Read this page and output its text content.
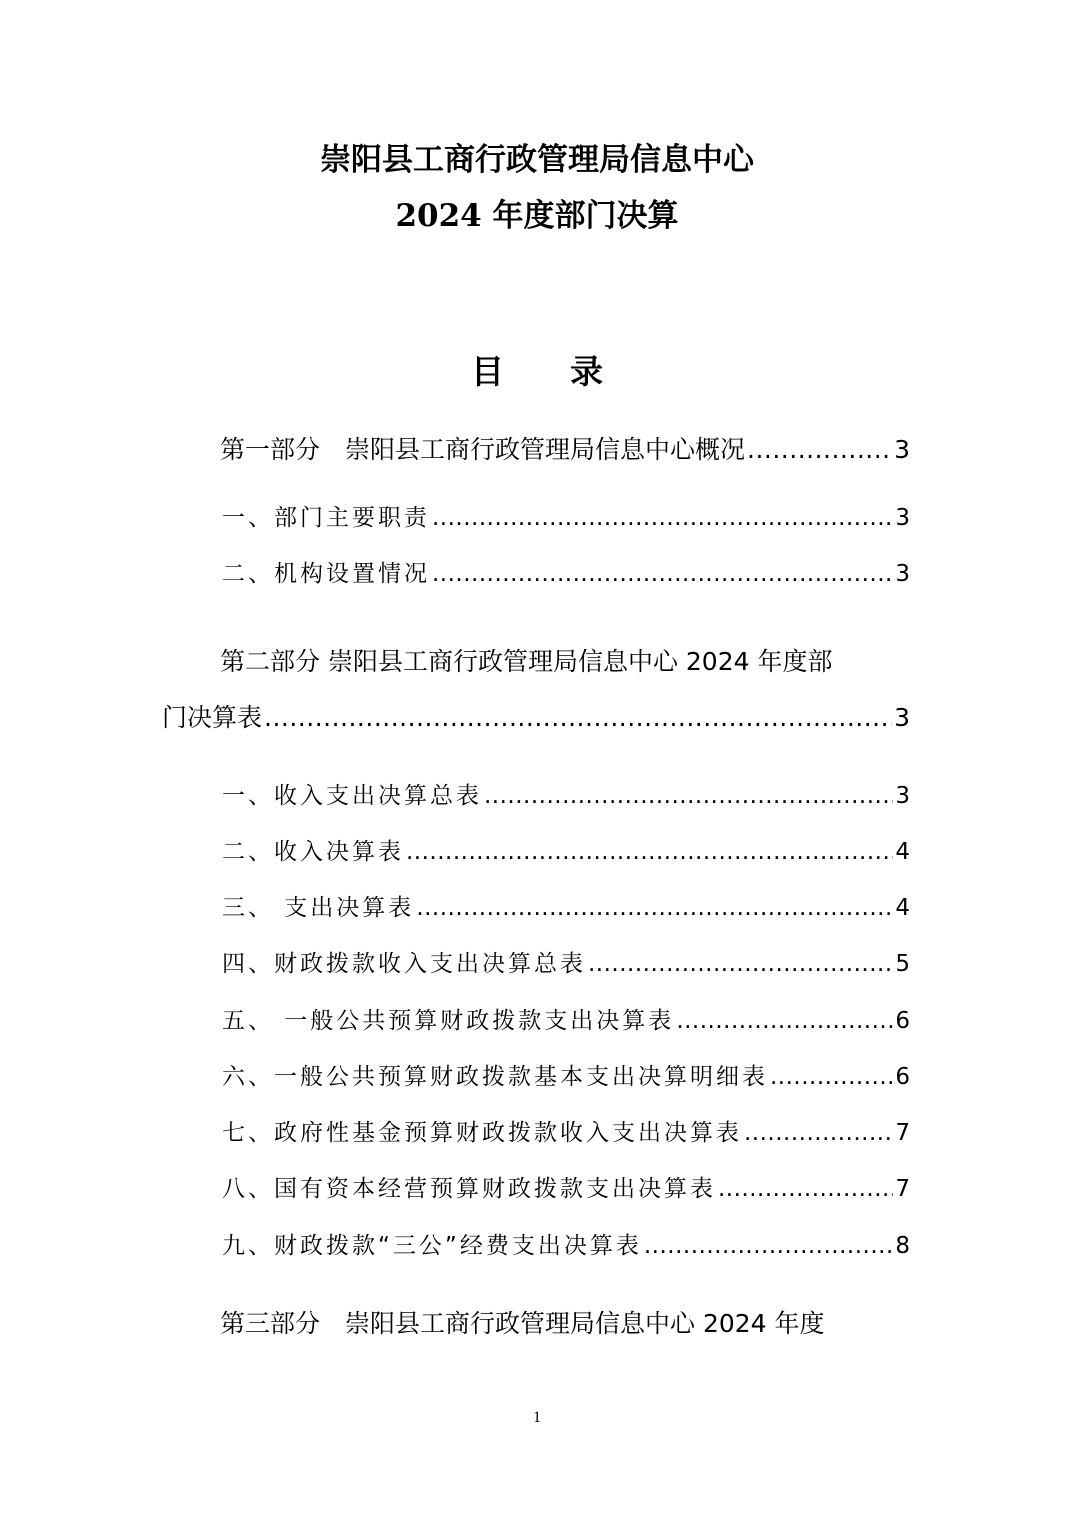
崇阳县工商行政管理局信息中心
2024 年度部门决算
目 录
第一部分　崇阳县工商行政管理局信息中心概况 .....	3
一、部门主要职责 .....	3
二、机构设置情况 .....	3
第二部分 崇阳县工商行政管理局信息中心 2024 年度部
门决算表 .....	3
一、收入支出决算总表 .....	3
二、收入决算表 .....	4
三、 支出决算表 .....	4
四、财政拨款收入支出决算总表 .....	5
五、 一般公共预算财政拨款支出决算表 .....	6
六、一般公共预算财政拨款基本支出决算明细表 .....	6
七、政府性基金预算财政拨款收入支出决算表 .....	7
八、国有资本经营预算财政拨款支出决算表 .....	7
九、财政拨款“三公”经费支出决算表 .....	8
第三部分　崇阳县工商行政管理局信息中心 2024 年度
1
